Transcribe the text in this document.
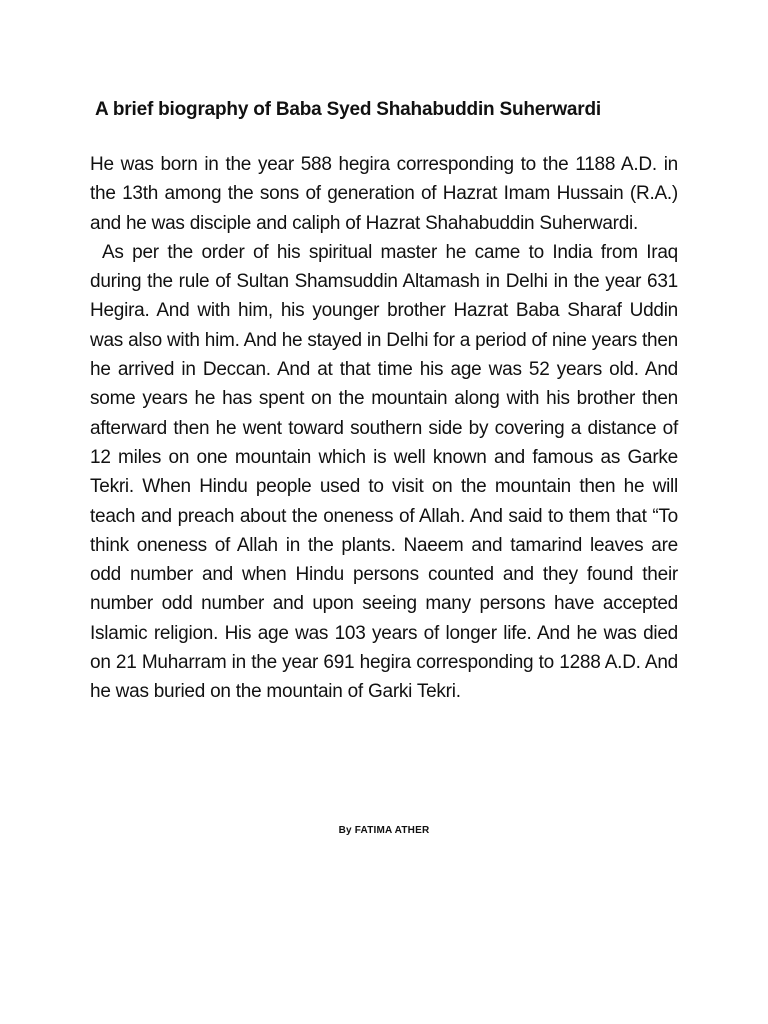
A brief biography of Baba Syed Shahabuddin Suherwardi

He was born in the year 588 hegira corresponding to the 1188 A.D. in the 13th among the sons of generation of Hazrat Imam Hussain (R.A.) and he was disciple and caliph of Hazrat Shahabuddin Suherwardi.

As per the order of his spiritual master he came to India from Iraq during the rule of Sultan Shamsuddin Altamash in Delhi in the year 631 Hegira. And with him, his younger brother Hazrat Baba Sharaf Uddin was also with him. And he stayed in Delhi for a period of nine years then he arrived in Deccan. And at that time his age was 52 years old. And some years he has spent on the mountain along with his brother then afterward then he went toward southern side by covering a distance of 12 miles on one mountain which is well known and famous as Garke Tekri. When Hindu people used to visit on the mountain then he will teach and preach about the oneness of Allah. And said to them that “To think oneness of Allah in the plants. Naeem and tamarind leaves are odd number and when Hindu persons counted and they found their number odd number and upon seeing many persons have accepted Islamic religion. His age was 103 years of longer life. And he was died on 21 Muharram in the year 691 hegira corresponding to 1288 A.D. And he was buried on the mountain of Garki Tekri.

By FATIMA ATHER
